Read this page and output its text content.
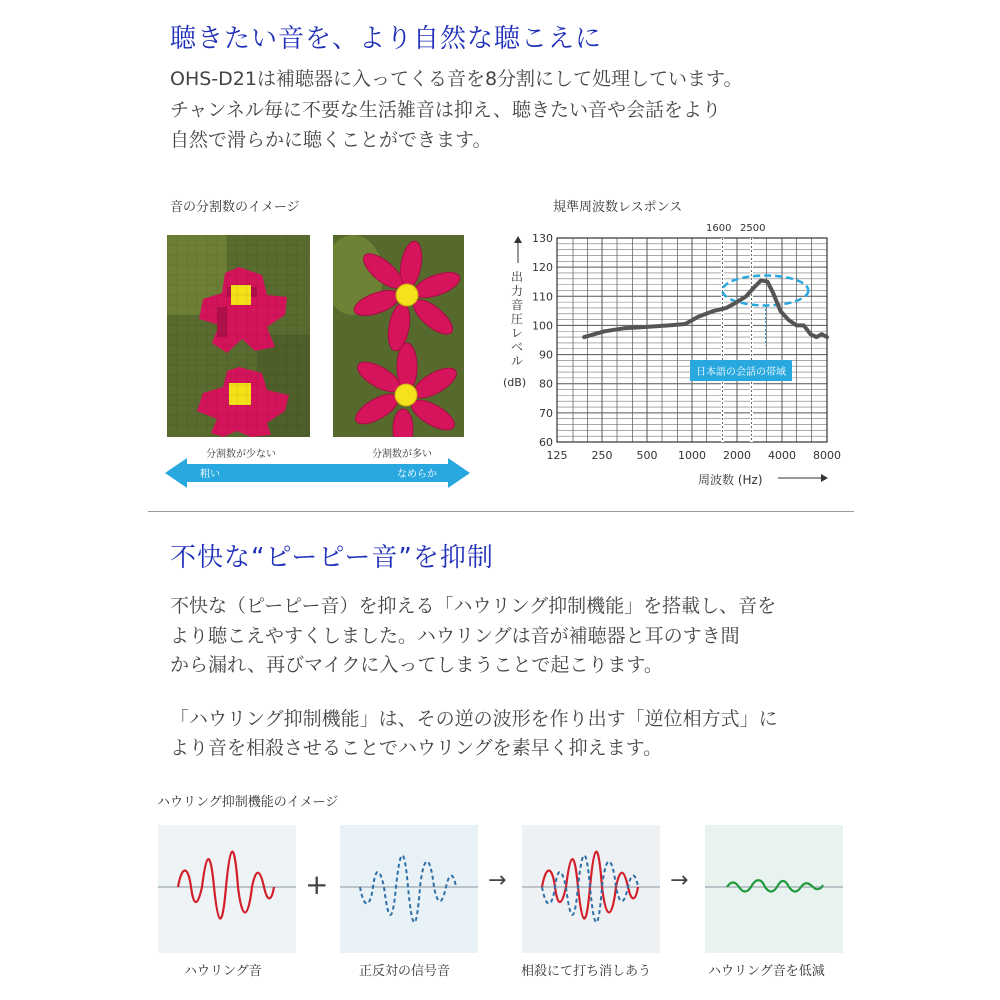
聴きたい音を、より自然な聴こえに
OHS-D21は補聴器に入ってくる音を8分割にして処理しています。
チャンネル毎に不要な生活雑音は抑え、聴きたい音や会話をより
自然で滑らかに聴くことができます。
音の分割数のイメージ
分割数が少ない	分割数が多い
粗い	なめらか
規準周波数レスポンス
1600 2500
出
力
音
圧
レ
ベ
ル
(dB)
60
70
80
90
100
110
120
130
125 250 500 1000 2000 4000 8000
日本語の会話の帯域
周波数 (Hz)
不快な“ピーピー音”を抑制
不快な（ピーピー音）を抑える「ハウリング抑制機能」を搭載し、音を
より聴こえやすくしました。ハウリングは音が補聴器と耳のすき間
から漏れ、再びマイクに入ってしまうことで起こります。
「ハウリング抑制機能」は、その逆の波形を作り出す「逆位相方式」に
より音を相殺させることでハウリングを素早く抑えます。
ハウリング抑制機能のイメージ
+	→	→
ハウリング音	正反対の信号音	相殺にて打ち消しあう	ハウリング音を低減
